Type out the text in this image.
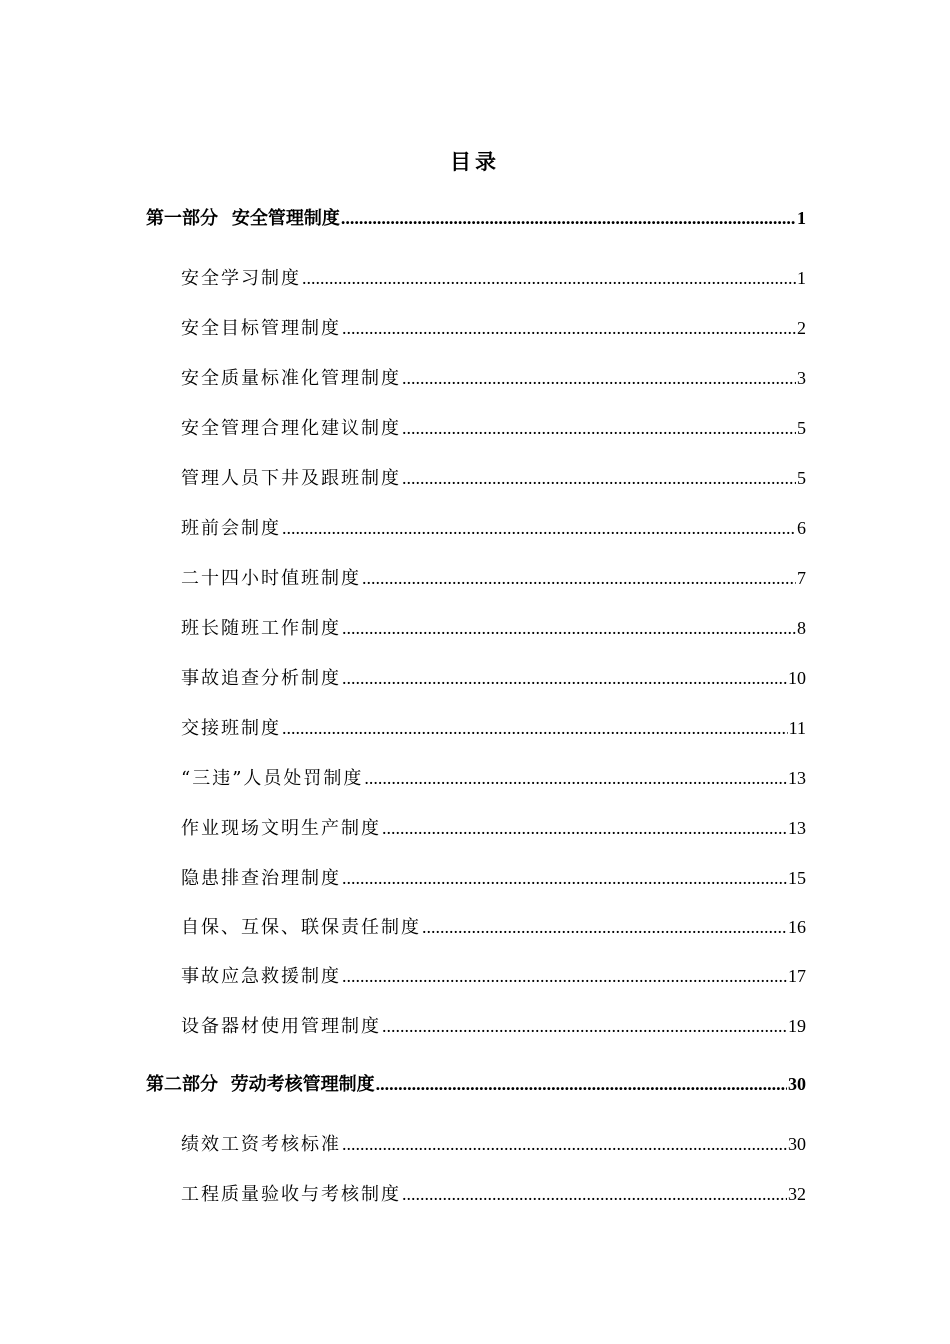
目录
第一部分 安全管理制度 .....	1
安全学习制度 .....	1
安全目标管理制度 .....	2
安全质量标准化管理制度 .....	3
安全管理合理化建议制度 .....	5
管理人员下井及跟班制度 .....	5
班前会制度 .....	6
二十四小时值班制度 .....	7
班长随班工作制度 .....	8
事故追查分析制度 .....	10
交接班制度 .....	11
“三违”人员处罚制度 .....	13
作业现场文明生产制度 .....	13
隐患排查治理制度 .....	15
自保、互保、联保责任制度 .....	16
事故应急救援制度 .....	17
设备器材使用管理制度 .....	19
第二部分 劳动考核管理制度 .....	30
绩效工资考核标准 .....	30
工程质量验收与考核制度 .....	32
